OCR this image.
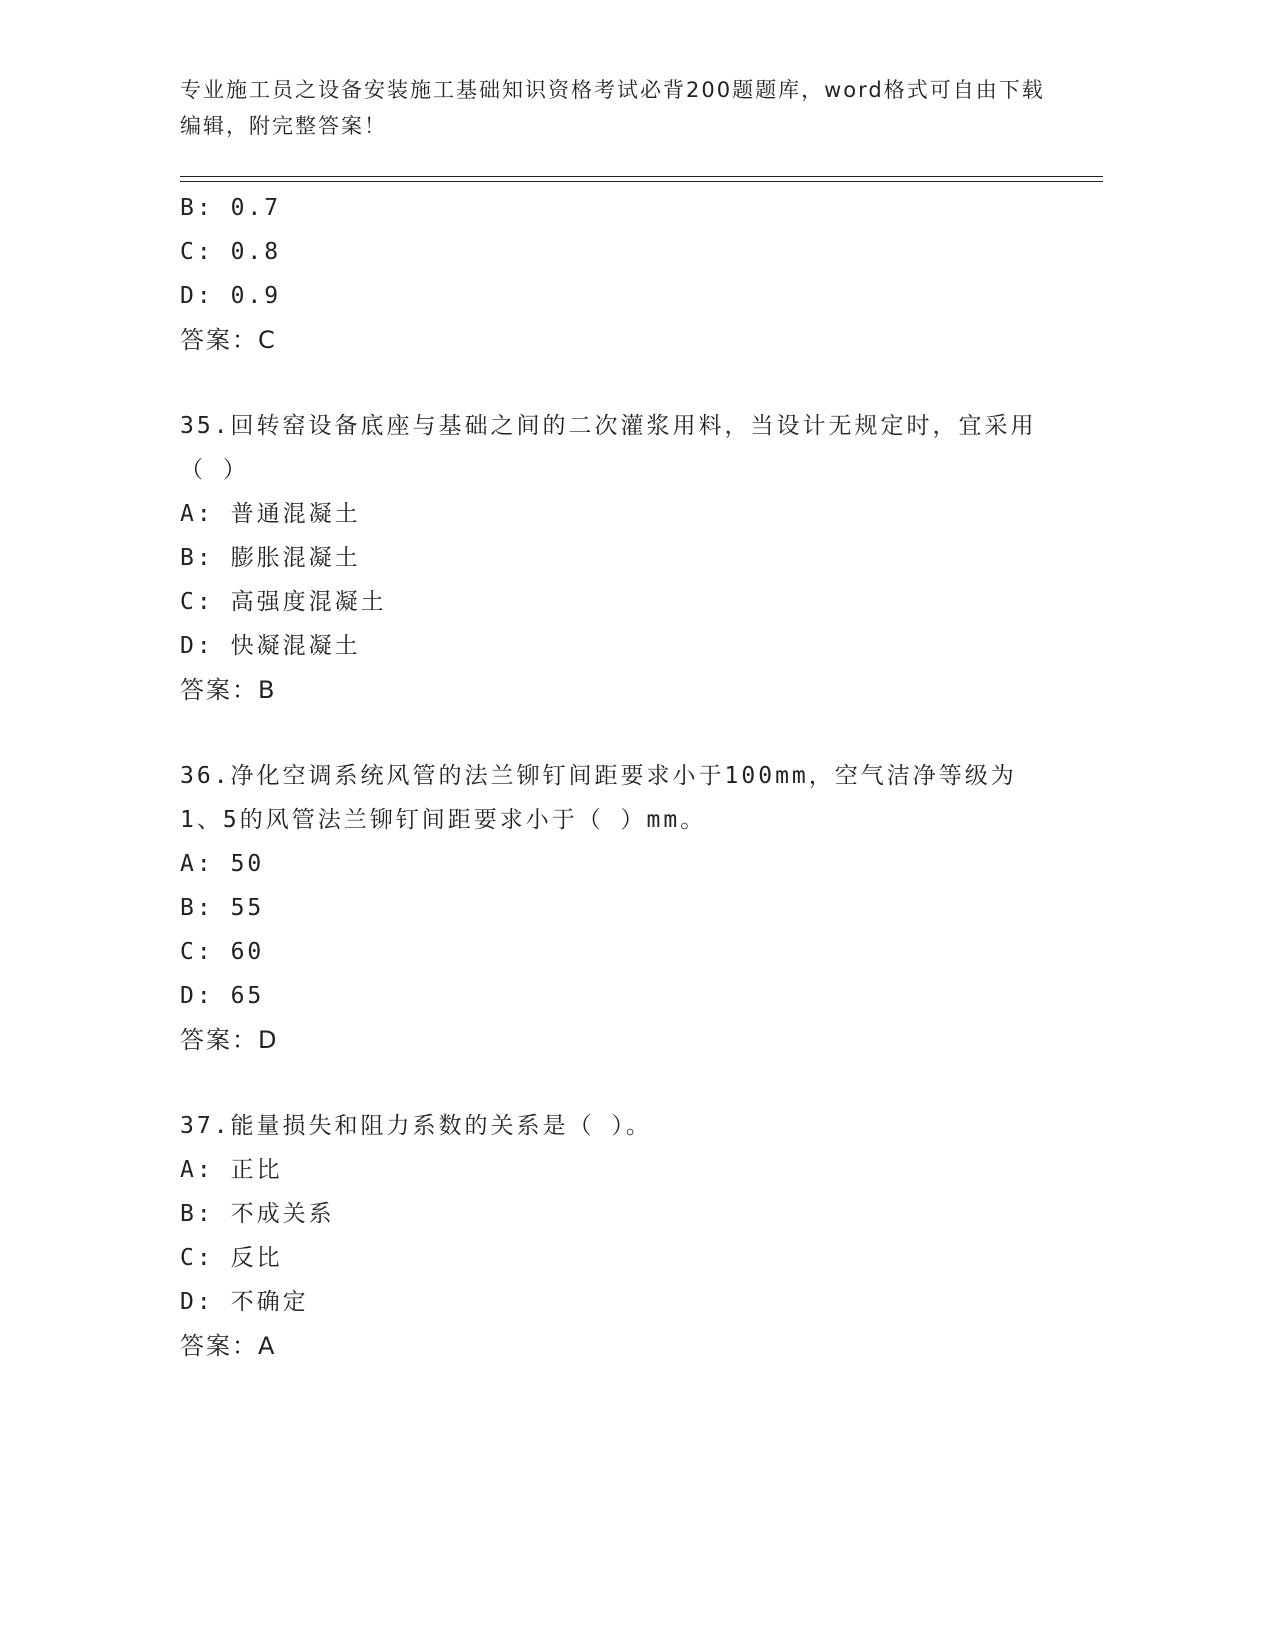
专业施工员之设备安装施工基础知识资格考试必背200题题库，word格式可自由下载编辑，附完整答案！
B: 0.7
C: 0.8
D: 0.9
答案：C
35.回转窑设备底座与基础之间的二次灌浆用料，当设计无规定时，宜采用（ ）
A: 普通混凝土
B: 膨胀混凝土
C: 高强度混凝土
D: 快凝混凝土
答案：B
36.净化空调系统风管的法兰铆钉间距要求小于100mm，空气洁净等级为1、5的风管法兰铆钉间距要求小于（ ）mm。
A: 50
B: 55
C: 60
D: 65
答案：D
37.能量损失和阻力系数的关系是（ ）。
A: 正比
B: 不成关系
C: 反比
D: 不确定
答案：A
